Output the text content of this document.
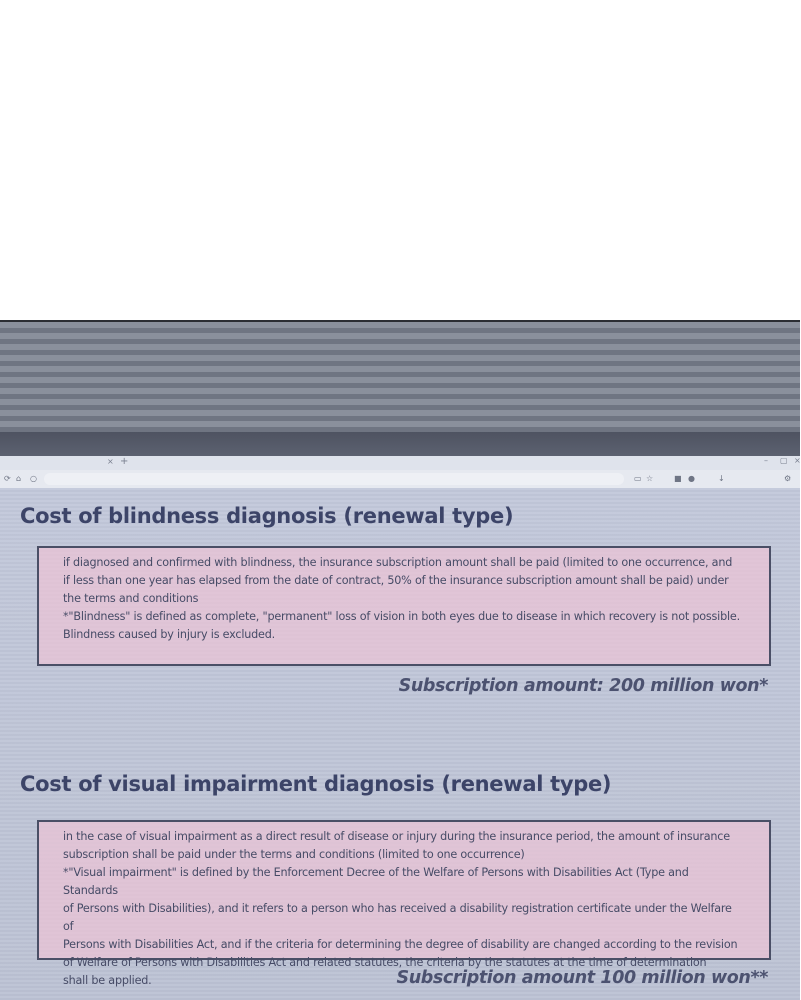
× +	– ▢ ×
⟳ ⌂ ○	▭ ☆	■ ●	↓	⚙
Cost of blindness diagnosis (renewal type)

if diagnosed and confirmed with blindness, the insurance subscription amount shall be paid (limited to one occurrence, and

if less than one year has elapsed from the date of contract, 50% of the insurance subscription amount shall be paid) under

the terms and conditions

*"Blindness" is defined as complete, "permanent" loss of vision in both eyes due to disease in which recovery is not possible.

Blindness caused by injury is excluded.

Subscription amount: 200 million won*
Cost of visual impairment diagnosis (renewal type)

in the case of visual impairment as a direct result of disease or injury during the insurance period, the amount of insurance

subscription shall be paid under the terms and conditions (limited to one occurrence)

*"Visual impairment" is defined by the Enforcement Decree of the Welfare of Persons with Disabilities Act (Type and Standards

of Persons with Disabilities), and it refers to a person who has received a disability registration certificate under the Welfare of

Persons with Disabilities Act, and if the criteria for determining the degree of disability are changed according to the revision

of Welfare of Persons with Disabilities Act and related statutes, the criteria by the statutes at the time of determination

shall be applied.	Subscription amount 100 million won**
